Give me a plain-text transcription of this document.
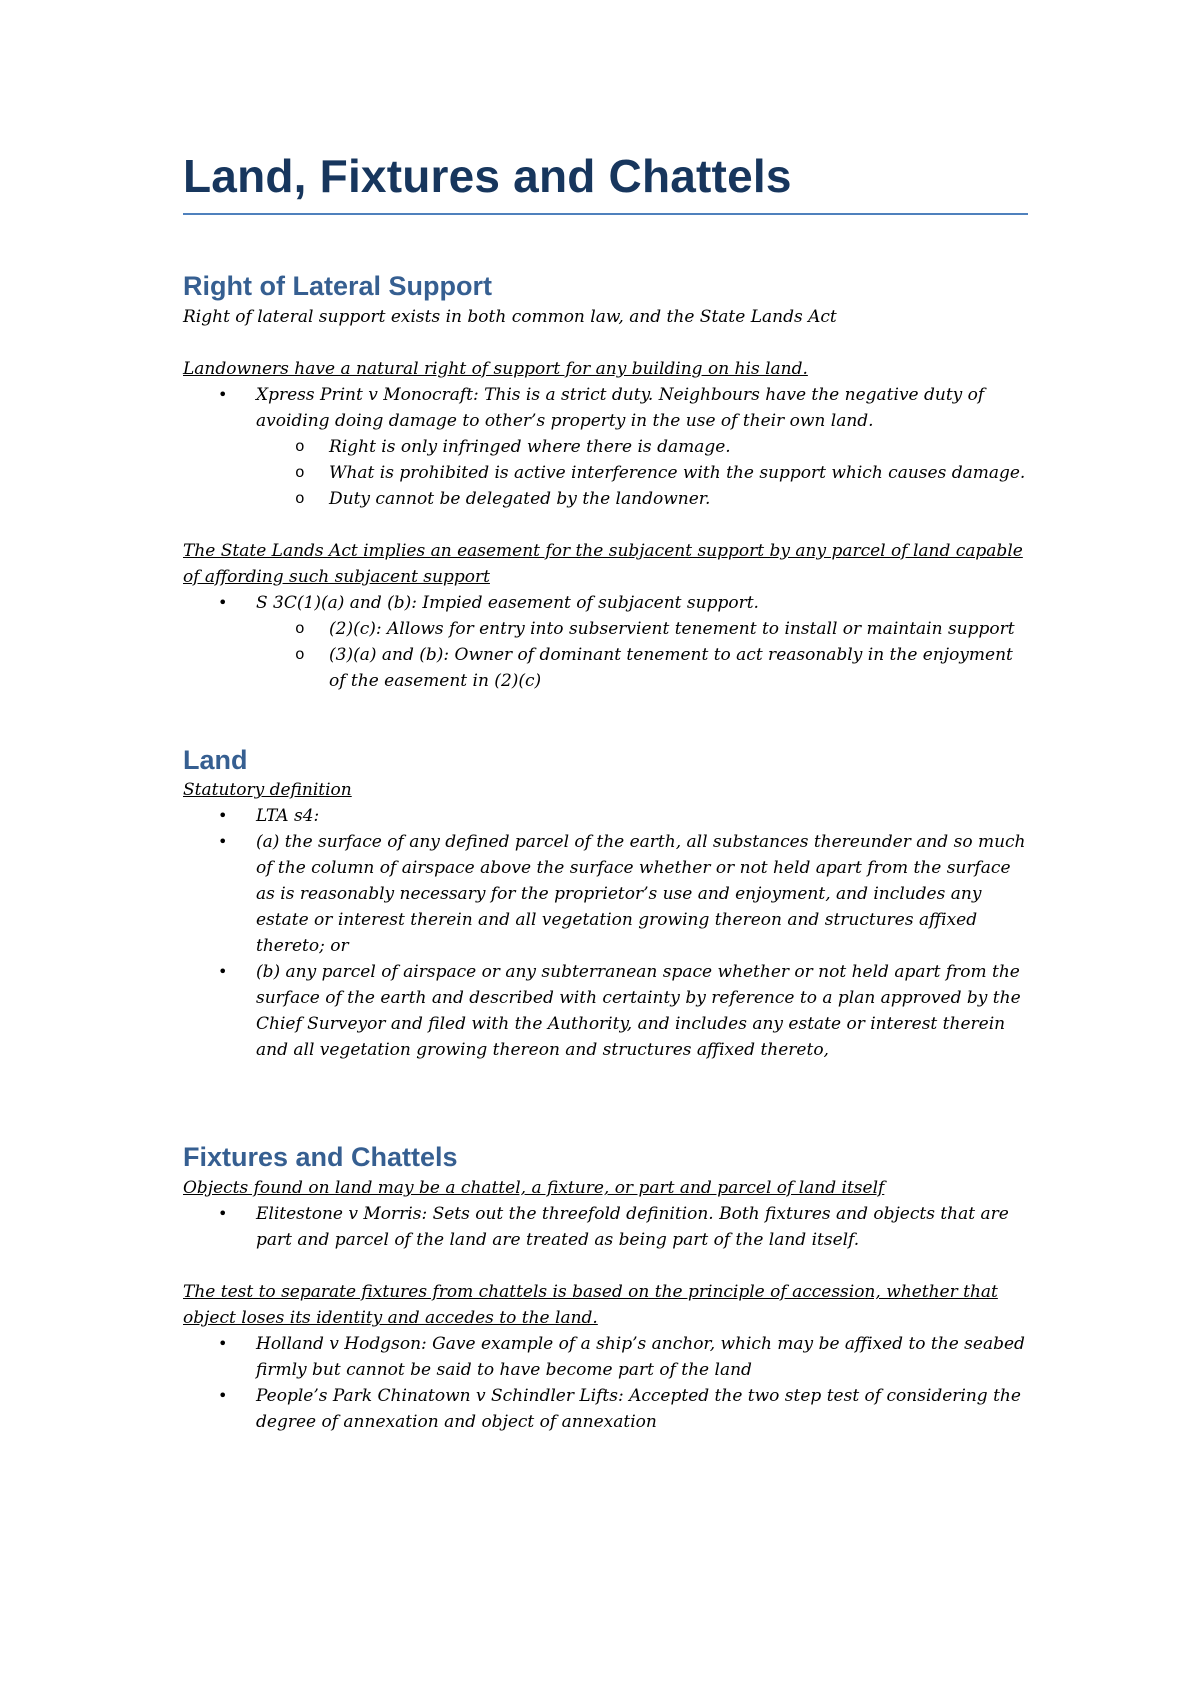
Land, Fixtures and Chattels
Right of Lateral Support

Right of lateral support exists in both common law, and the State Lands Act

Landowners have a natural right of support for any building on his land.

• Xpress Print v Monocraft: This is a strict duty. Neighbours have the negative duty of avoiding doing damage to other’s property in the use of their own land.
o Right is only infringed where there is damage.
o What is prohibited is active interference with the support which causes damage.
o Duty cannot be delegated by the landowner.

The State Lands Act implies an easement for the subjacent support by any parcel of land capable of affording such subjacent support

• S 3C(1)(a) and (b): Impied easement of subjacent support.
o (2)(c): Allows for entry into subservient tenement to install or maintain support
o (3)(a) and (b): Owner of dominant tenement to act reasonably in the enjoyment of the easement in (2)(c)
Land

Statutory definition

• LTA s4:
• (a) the surface of any defined parcel of the earth, all substances thereunder and so much of the column of airspace above the surface whether or not held apart from the surface as is reasonably necessary for the proprietor’s use and enjoyment, and includes any estate or interest therein and all vegetation growing thereon and structures affixed thereto; or
• (b) any parcel of airspace or any subterranean space whether or not held apart from the surface of the earth and described with certainty by reference to a plan approved by the Chief Surveyor and filed with the Authority, and includes any estate or interest therein and all vegetation growing thereon and structures affixed thereto,
Fixtures and Chattels

Objects found on land may be a chattel, a fixture, or part and parcel of land itself

• Elitestone v Morris: Sets out the threefold definition. Both fixtures and objects that are part and parcel of the land are treated as being part of the land itself.

The test to separate fixtures from chattels is based on the principle of accession, whether that object loses its identity and accedes to the land.

• Holland v Hodgson: Gave example of a ship’s anchor, which may be affixed to the seabed firmly but cannot be said to have become part of the land
• People’s Park Chinatown v Schindler Lifts: Accepted the two step test of considering the degree of annexation and object of annexation
